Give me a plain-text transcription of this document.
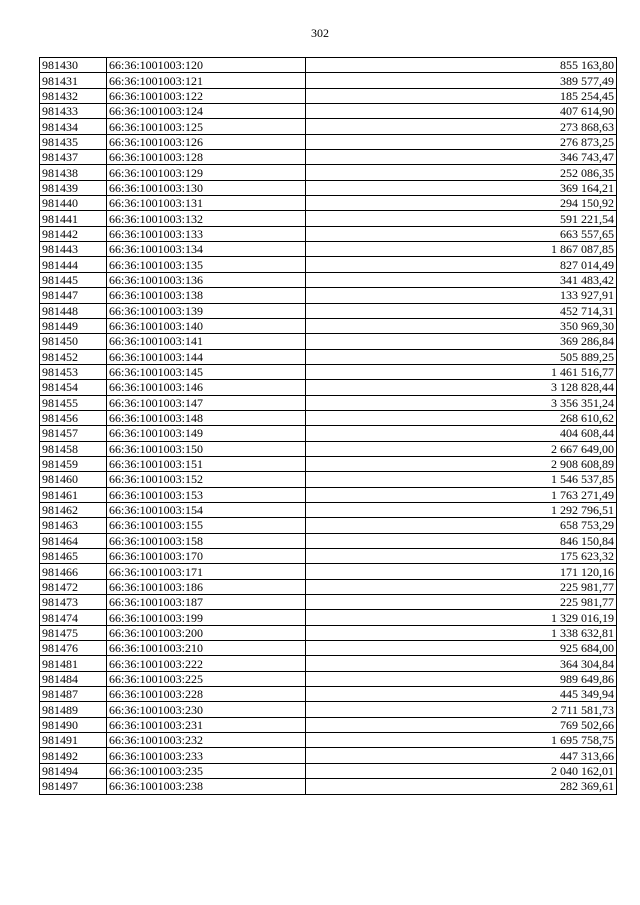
302
981430	66:36:1001003:120	855 163,80
981431	66:36:1001003:121	389 577,49
981432	66:36:1001003:122	185 254,45
981433	66:36:1001003:124	407 614,90
981434	66:36:1001003:125	273 868,63
981435	66:36:1001003:126	276 873,25
981437	66:36:1001003:128	346 743,47
981438	66:36:1001003:129	252 086,35
981439	66:36:1001003:130	369 164,21
981440	66:36:1001003:131	294 150,92
981441	66:36:1001003:132	591 221,54
981442	66:36:1001003:133	663 557,65
981443	66:36:1001003:134	1 867 087,85
981444	66:36:1001003:135	827 014,49
981445	66:36:1001003:136	341 483,42
981447	66:36:1001003:138	133 927,91
981448	66:36:1001003:139	452 714,31
981449	66:36:1001003:140	350 969,30
981450	66:36:1001003:141	369 286,84
981452	66:36:1001003:144	505 889,25
981453	66:36:1001003:145	1 461 516,77
981454	66:36:1001003:146	3 128 828,44
981455	66:36:1001003:147	3 356 351,24
981456	66:36:1001003:148	268 610,62
981457	66:36:1001003:149	404 608,44
981458	66:36:1001003:150	2 667 649,00
981459	66:36:1001003:151	2 908 608,89
981460	66:36:1001003:152	1 546 537,85
981461	66:36:1001003:153	1 763 271,49
981462	66:36:1001003:154	1 292 796,51
981463	66:36:1001003:155	658 753,29
981464	66:36:1001003:158	846 150,84
981465	66:36:1001003:170	175 623,32
981466	66:36:1001003:171	171 120,16
981472	66:36:1001003:186	225 981,77
981473	66:36:1001003:187	225 981,77
981474	66:36:1001003:199	1 329 016,19
981475	66:36:1001003:200	1 338 632,81
981476	66:36:1001003:210	925 684,00
981481	66:36:1001003:222	364 304,84
981484	66:36:1001003:225	989 649,86
981487	66:36:1001003:228	445 349,94
981489	66:36:1001003:230	2 711 581,73
981490	66:36:1001003:231	769 502,66
981491	66:36:1001003:232	1 695 758,75
981492	66:36:1001003:233	447 313,66
981494	66:36:1001003:235	2 040 162,01
981497	66:36:1001003:238	282 369,61
